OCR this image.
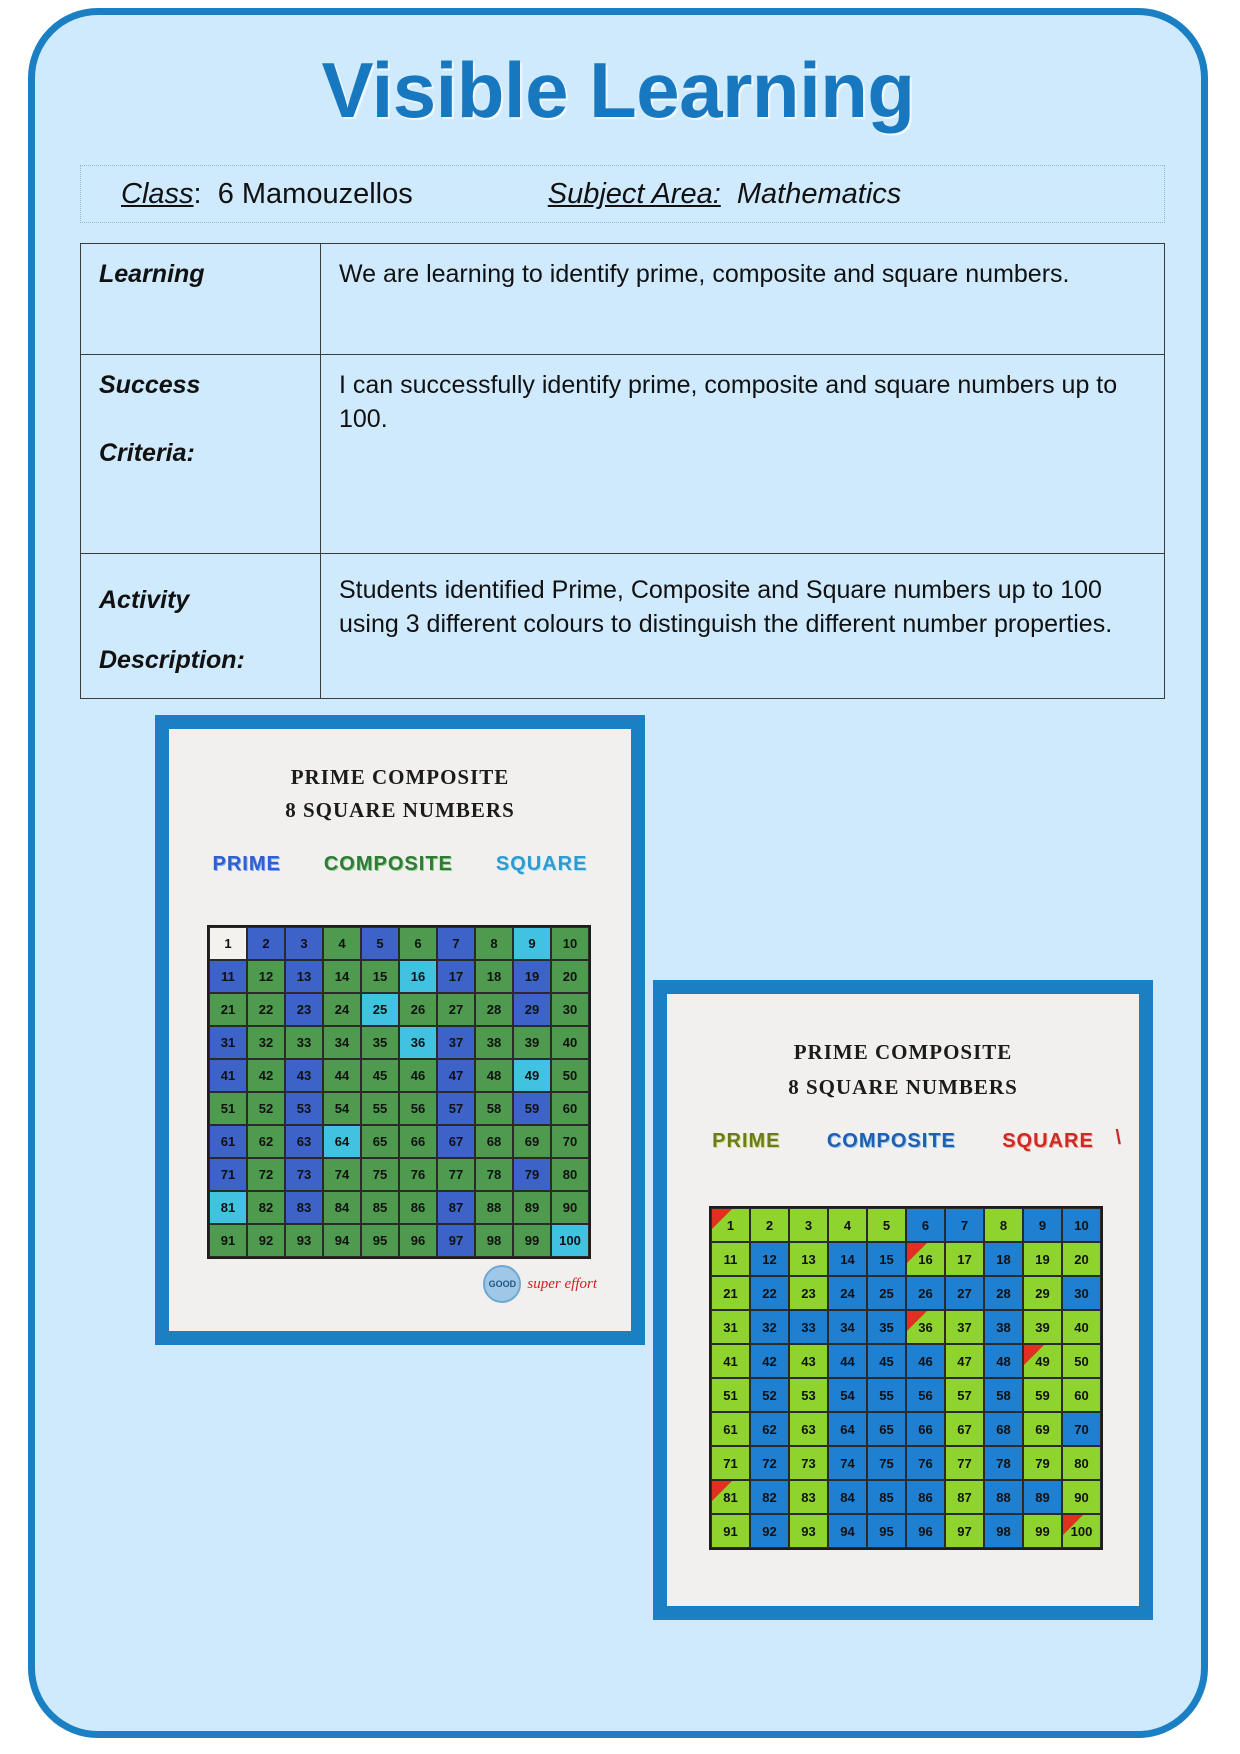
Visible Learning
Class: 6 Mamouzellos	Subject Area: Mathematics
Learning	We are learning to identify prime, composite and square numbers.
Success
Criteria:	I can successfully identify prime, composite and square numbers up to 100.
Activity
Description:	Students identified Prime, Composite and Square numbers up to 100 using 3 different colours to distinguish the different number properties.
PRIME COMPOSITE
8 SQUARE NUMBERS
PRIME COMPOSITE SQUARE
1 2 3 4 5 6 7 8 9 10
11 12 13 14 15 16 17 18 19 20
21 22 23 24 25 26 27 28 29 30
31 32 33 34 35 36 37 38 39 40
41 42 43 44 45 46 47 48 49 50
51 52 53 54 55 56 57 58 59 60
61 62 63 64 65 66 67 68 69 70
71 72 73 74 75 76 77 78 79 80
81 82 83 84 85 86 87 88 89 90
91 92 93 94 95 96 97 98 99 100
GOOD super effort
PRIME COMPOSITE
8 SQUARE NUMBERS
PRIME COMPOSITE SQUARE \
1 2 3 4 5 6 7 8 9 10
11 12 13 14 15 16 17 18 19 20
21 22 23 24 25 26 27 28 29 30
31 32 33 34 35 36 37 38 39 40
41 42 43 44 45 46 47 48 49 50
51 52 53 54 55 56 57 58 59 60
61 62 63 64 65 66 67 68 69 70
71 72 73 74 75 76 77 78 79 80
81 82 83 84 85 86 87 88 89 90
91 92 93 94 95 96 97 98 99 100
